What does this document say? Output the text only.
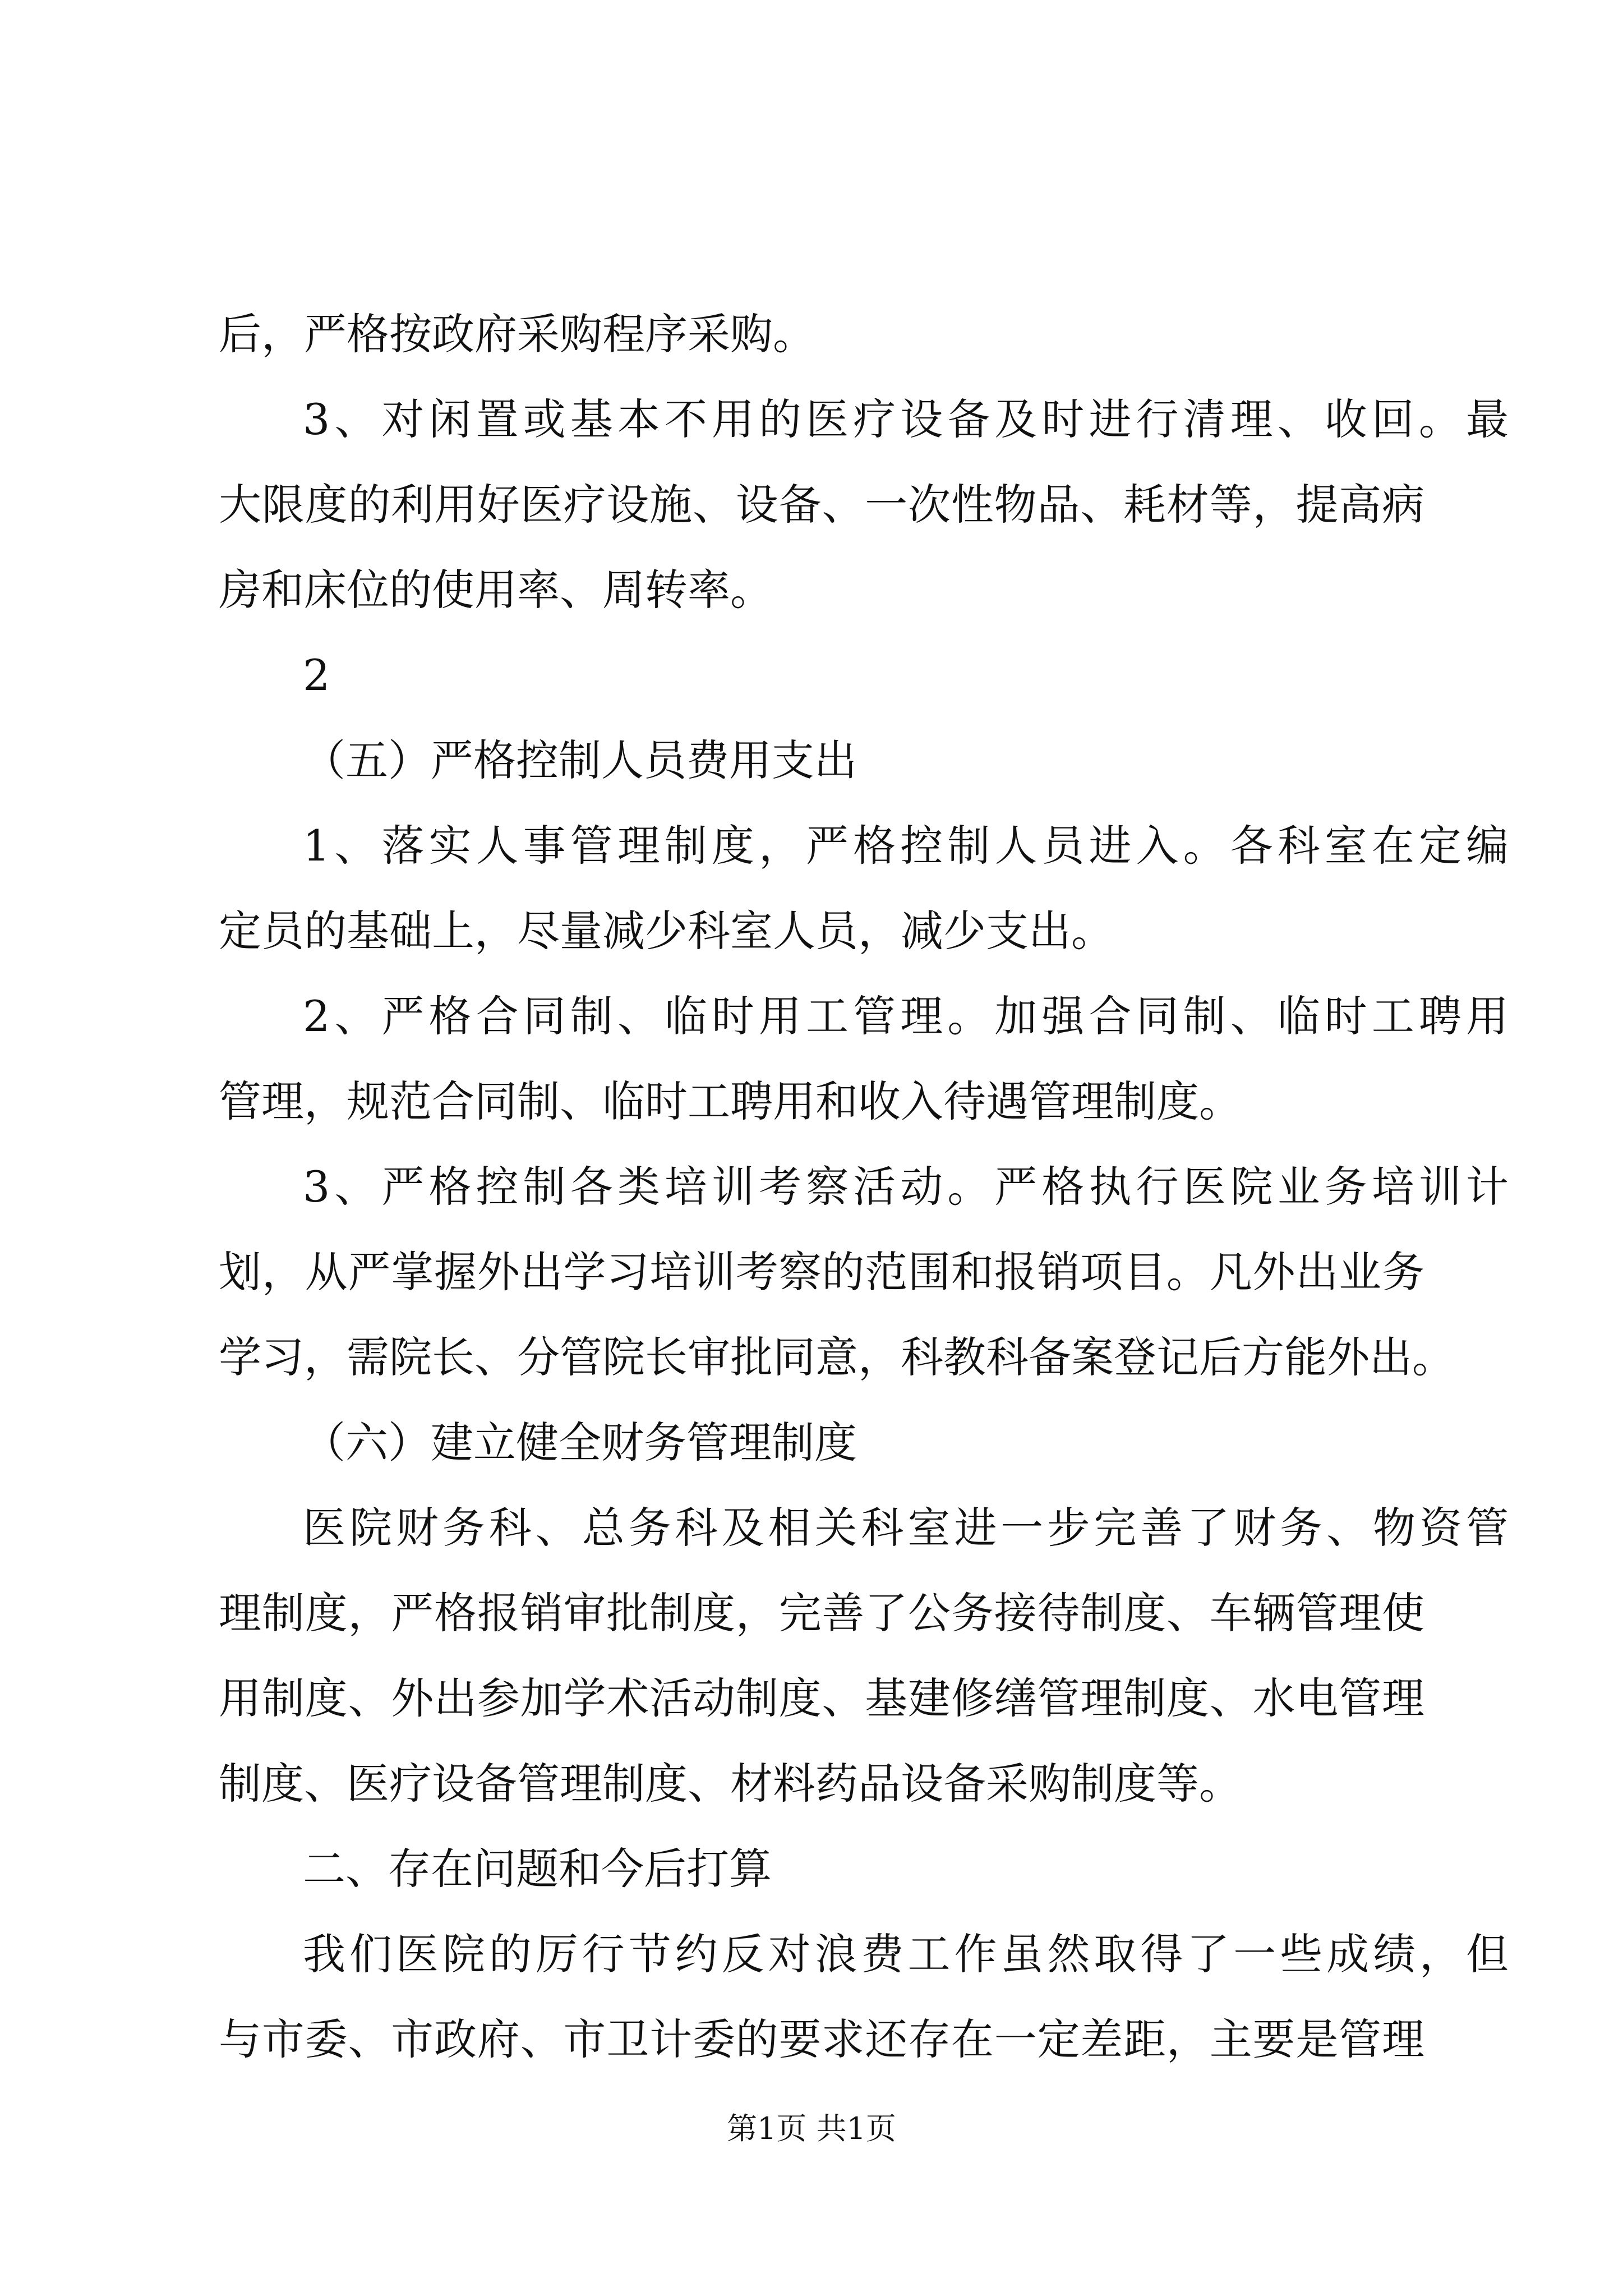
后，严格按政府采购程序采购。
3、对闲置或基本不用的医疗设备及时进行清理、收回。最
大限度的利用好医疗设施、设备、一次性物品、耗材等，提高病
房和床位的使用率、周转率。
2
（五）严格控制人员费用支出
1、落实人事管理制度，严格控制人员进入。各科室在定编
定员的基础上，尽量减少科室人员，减少支出。
2、严格合同制、临时用工管理。加强合同制、临时工聘用
管理，规范合同制、临时工聘用和收入待遇管理制度。
3、严格控制各类培训考察活动。严格执行医院业务培训计
划，从严掌握外出学习培训考察的范围和报销项目。凡外出业务
学习，需院长、分管院长审批同意，科教科备案登记后方能外出。
（六）建立健全财务管理制度
医院财务科、总务科及相关科室进一步完善了财务、物资管
理制度，严格报销审批制度，完善了公务接待制度、车辆管理使
用制度、外出参加学术活动制度、基建修缮管理制度、水电管理
制度、医疗设备管理制度、材料药品设备采购制度等。
二、存在问题和今后打算
我们医院的厉行节约反对浪费工作虽然取得了一些成绩，但
与市委、市政府、市卫计委的要求还存在一定差距，主要是管理
第1页 共1页
